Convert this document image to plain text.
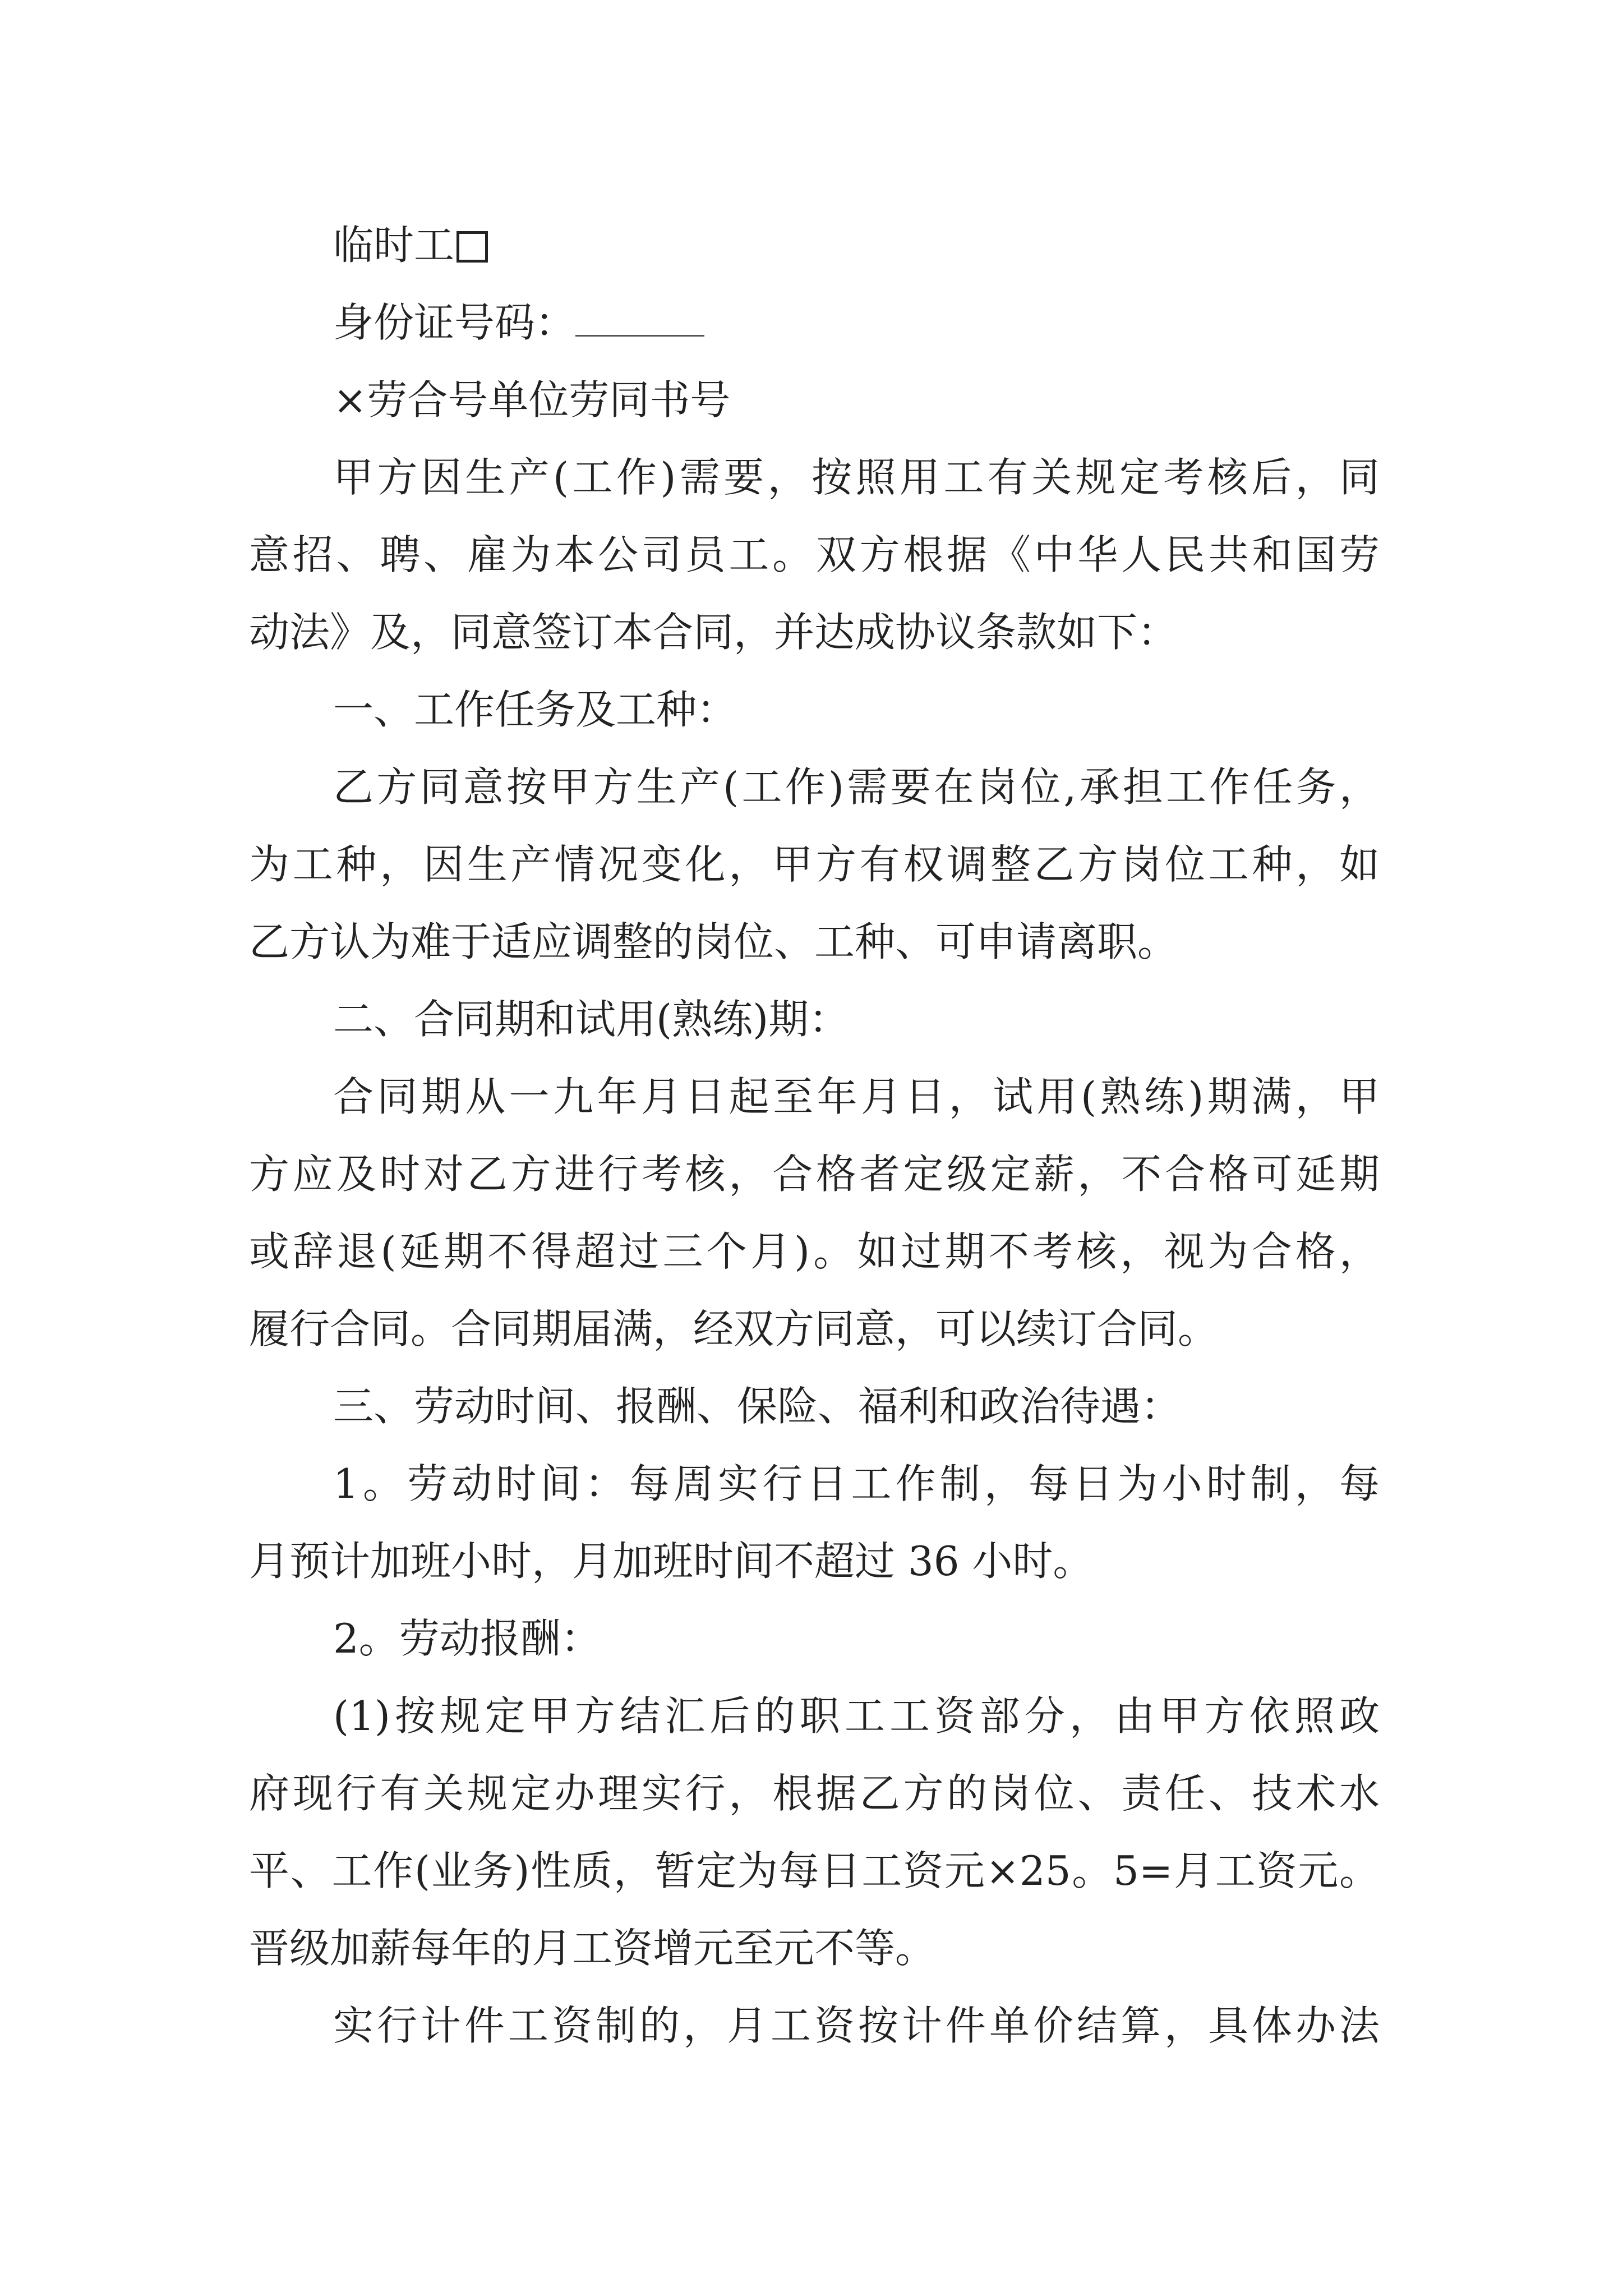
临时工
身份证号码：
×劳合号单位劳同书号
甲方因生产(工作)需要，按照用工有关规定考核后，同
意招、聘、雇为本公司员工。双方根据《中华人民共和国劳
动法》及，同意签订本合同，并达成协议条款如下：
一、工作任务及工种：
乙方同意按甲方生产(工作)需要在岗位,承担工作任务，
为工种，因生产情况变化，甲方有权调整乙方岗位工种，如
乙方认为难于适应调整的岗位、工种、可申请离职。
二、合同期和试用(熟练)期：
合同期从一九年月日起至年月日，试用(熟练)期满，甲
方应及时对乙方进行考核，合格者定级定薪，不合格可延期
或辞退(延期不得超过三个月)。如过期不考核，视为合格，
履行合同。合同期届满，经双方同意，可以续订合同。
三、劳动时间、报酬、保险、福利和政治待遇：
1。劳动时间：每周实行日工作制，每日为小时制，每
月预计加班小时，月加班时间不超过 36 小时。
2。劳动报酬：
(1)按规定甲方结汇后的职工工资部分，由甲方依照政
府现行有关规定办理实行，根据乙方的岗位、责任、技术水
平、工作(业务)性质，暂定为每日工资元×25。5=月工资元。
晋级加薪每年的月工资增元至元不等。
实行计件工资制的，月工资按计件单价结算，具体办法
